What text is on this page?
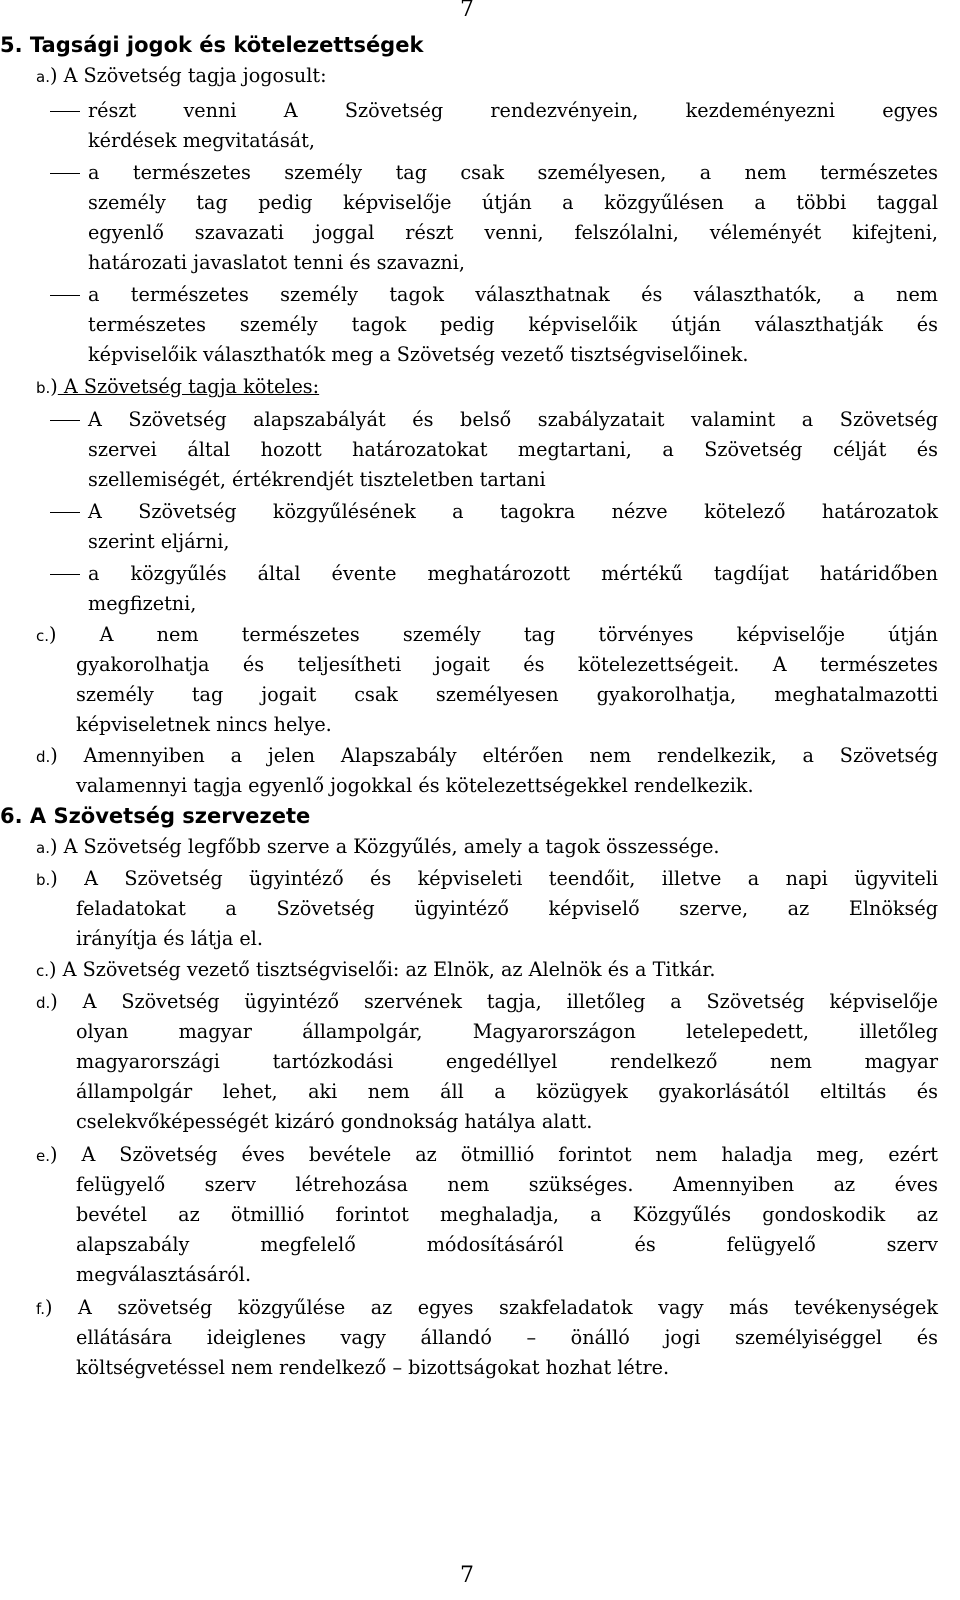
7
7
5. Tagsági jogok és kötelezettségek
a.) A Szövetség tagja jogosult:
részt venni A Szövetség rendezvényein, kezdeményezni egyes
kérdések megvitatását,
a természetes személy tag csak személyesen, a nem természetes
személy tag pedig képviselője útján a közgyűlésen a többi taggal
egyenlő szavazati joggal részt venni, felszólalni, véleményét kifejteni,
határozati javaslatot tenni és szavazni,
a természetes személy tagok választhatnak és választhatók, a nem
természetes személy tagok pedig képviselőik útján választhatják és
képviselőik választhatók meg a Szövetség vezető tisztségviselőinek.
b.) A Szövetség tagja köteles:
A Szövetség alapszabályát és belső szabályzatait valamint a Szövetség
szervei által hozott határozatokat megtartani, a Szövetség célját és
szellemiségét, értékrendjét tiszteletben tartani
A Szövetség közgyűlésének a tagokra nézve kötelező határozatok
szerint eljárni,
a közgyűlés által évente meghatározott mértékű tagdíjat határidőben
megfizetni,
c.) A nem természetes személy tag törvényes képviselője útján
gyakorolhatja és teljesítheti jogait és kötelezettségeit. A természetes
személy tag jogait csak személyesen gyakorolhatja, meghatalmazotti
képviseletnek nincs helye.
d.) Amennyiben a jelen Alapszabály eltérően nem rendelkezik, a Szövetség
valamennyi tagja egyenlő jogokkal és kötelezettségekkel rendelkezik.
6. A Szövetség szervezete
a.) A Szövetség legfőbb szerve a Közgyűlés, amely a tagok összessége.
b.) A Szövetség ügyintéző és képviseleti teendőit, illetve a napi ügyviteli
feladatokat a Szövetség ügyintéző képviselő szerve, az Elnökség
irányítja és látja el.
c.) A Szövetség vezető tisztségviselői: az Elnök, az Alelnök és a Titkár.
d.) A Szövetség ügyintéző szervének tagja, illetőleg a Szövetség képviselője
olyan magyar állampolgár, Magyarországon letelepedett, illetőleg
magyarországi tartózkodási engedéllyel rendelkező nem magyar
állampolgár lehet, aki nem áll a közügyek gyakorlásától eltiltás és
cselekvőképességét kizáró gondnokság hatálya alatt.
e.) A Szövetség éves bevétele az ötmillió forintot nem haladja meg, ezért
felügyelő szerv létrehozása nem szükséges. Amennyiben az éves
bevétel az ötmillió forintot meghaladja, a Közgyűlés gondoskodik az
alapszabály megfelelő módosításáról és felügyelő szerv
megválasztásáról.
f.) A szövetség közgyűlése az egyes szakfeladatok vagy más tevékenységek
ellátására ideiglenes vagy állandó – önálló jogi személyiséggel és
költségvetéssel nem rendelkező – bizottságokat hozhat létre.
